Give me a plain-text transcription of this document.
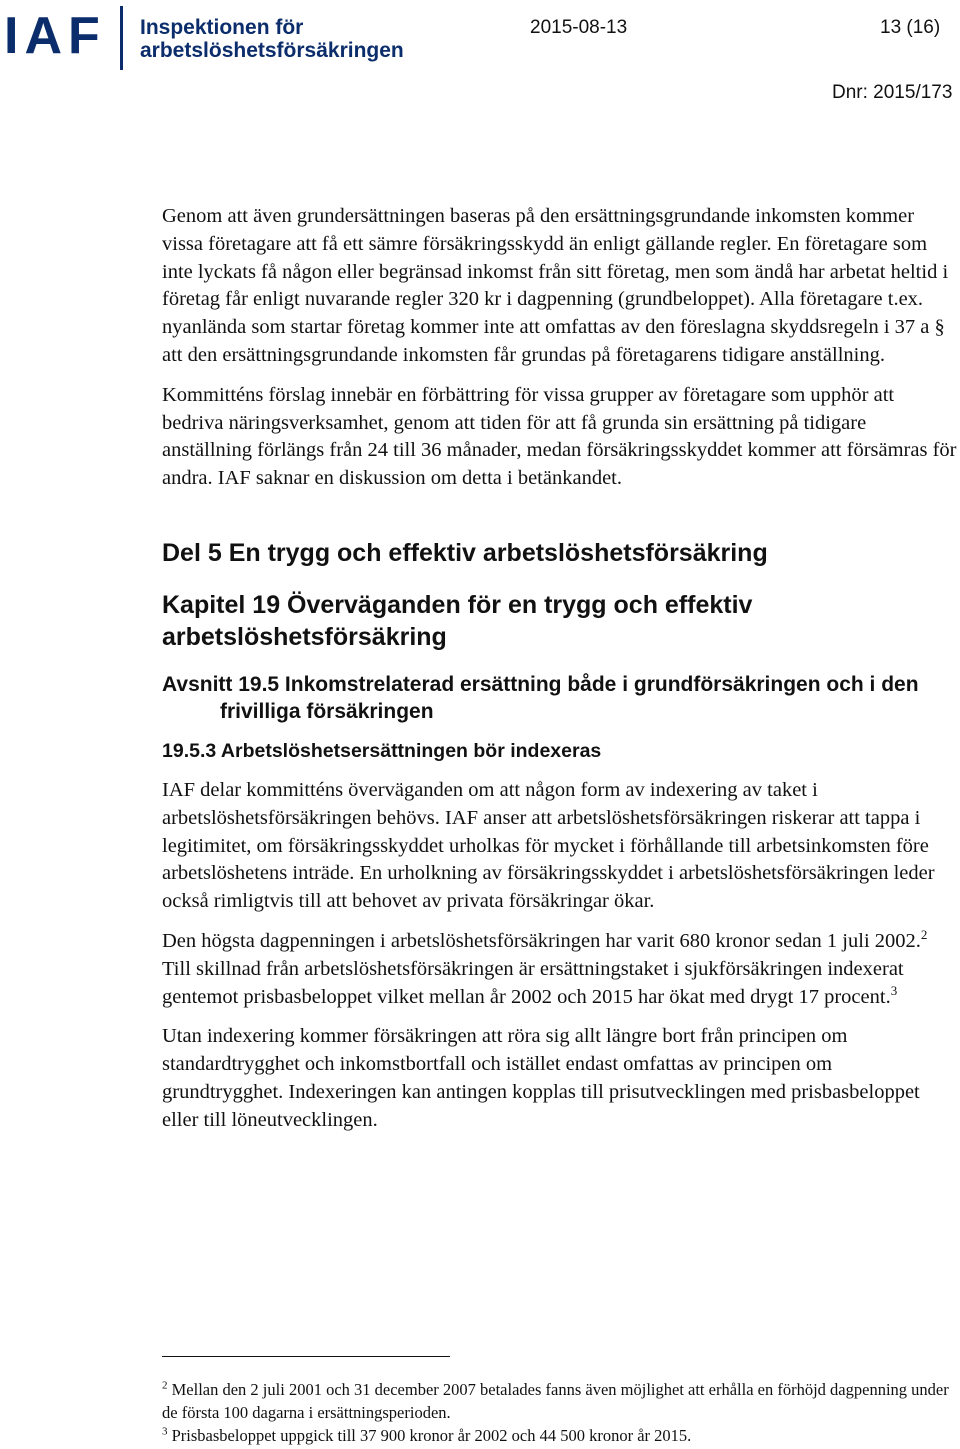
IAF Inspektionen för
arbetslöshetsförsäkringen
2015-08-13	13 (16)
Dnr: 2015/173

Genom att även grundersättningen baseras på den ersättningsgrundande inkomsten kommer vissa företagare att få ett sämre försäkringsskydd än enligt gällande regler. En företagare som inte lyckats få någon eller begränsad inkomst från sitt företag, men som ändå har arbetat heltid i företag får enligt nuvarande regler 320 kr i dagpenning (grundbeloppet). Alla företagare t.ex. nyanlända som startar företag kommer inte att omfattas av den föreslagna skyddsregeln i 37 a § att den ersättningsgrundande inkomsten får grundas på företagarens tidigare anställning.

Kommitténs förslag innebär en förbättring för vissa grupper av företagare som upphör att bedriva näringsverksamhet, genom att tiden för att få grunda sin ersättning på tidigare anställning förlängs från 24 till 36 månader, medan försäkringsskyddet kommer att försämras för andra. IAF saknar en diskussion om detta i betänkandet.

Del 5 En trygg och effektiv arbetslöshetsförsäkring
Kapitel 19 Överväganden för en trygg och effektiv arbetslöshetsförsäkring
Avsnitt 19.5 Inkomstrelaterad ersättning både i grundförsäkringen och i den frivilliga försäkringen
19.5.3 Arbetslöshetsersättningen bör indexeras

IAF delar kommitténs överväganden om att någon form av indexering av taket i arbetslöshetsförsäkringen behövs. IAF anser att arbetslöshetsförsäkringen riskerar att tappa i legitimitet, om försäkringsskyddet urholkas för mycket i förhållande till arbetsinkomsten före arbetslöshetens inträde. En urholkning av försäkringsskyddet i arbetslöshetsförsäkringen leder också rimligtvis till att behovet av privata försäkringar ökar.

Den högsta dagpenningen i arbetslöshetsförsäkringen har varit 680 kronor sedan 1 juli 2002.$^2$ Till skillnad från arbetslöshetsförsäkringen är ersättningstaket i sjukförsäkringen indexerat gentemot prisbasbeloppet vilket mellan år 2002 och 2015 har ökat med drygt 17 procent.$^3$

Utan indexering kommer försäkringen att röra sig allt längre bort från principen om standardtrygghet och inkomstbortfall och istället endast omfattas av principen om grundtrygghet. Indexeringen kan antingen kopplas till prisutvecklingen med prisbasbeloppet eller till löneutvecklingen.

$^2$ Mellan den 2 juli 2001 och 31 december 2007 betalades fanns även möjlighet att erhålla en förhöjd dagpenning under de första 100 dagarna i ersättningsperioden.
$^3$ Prisbasbeloppet uppgick till 37 900 kronor år 2002 och 44 500 kronor år 2015.
